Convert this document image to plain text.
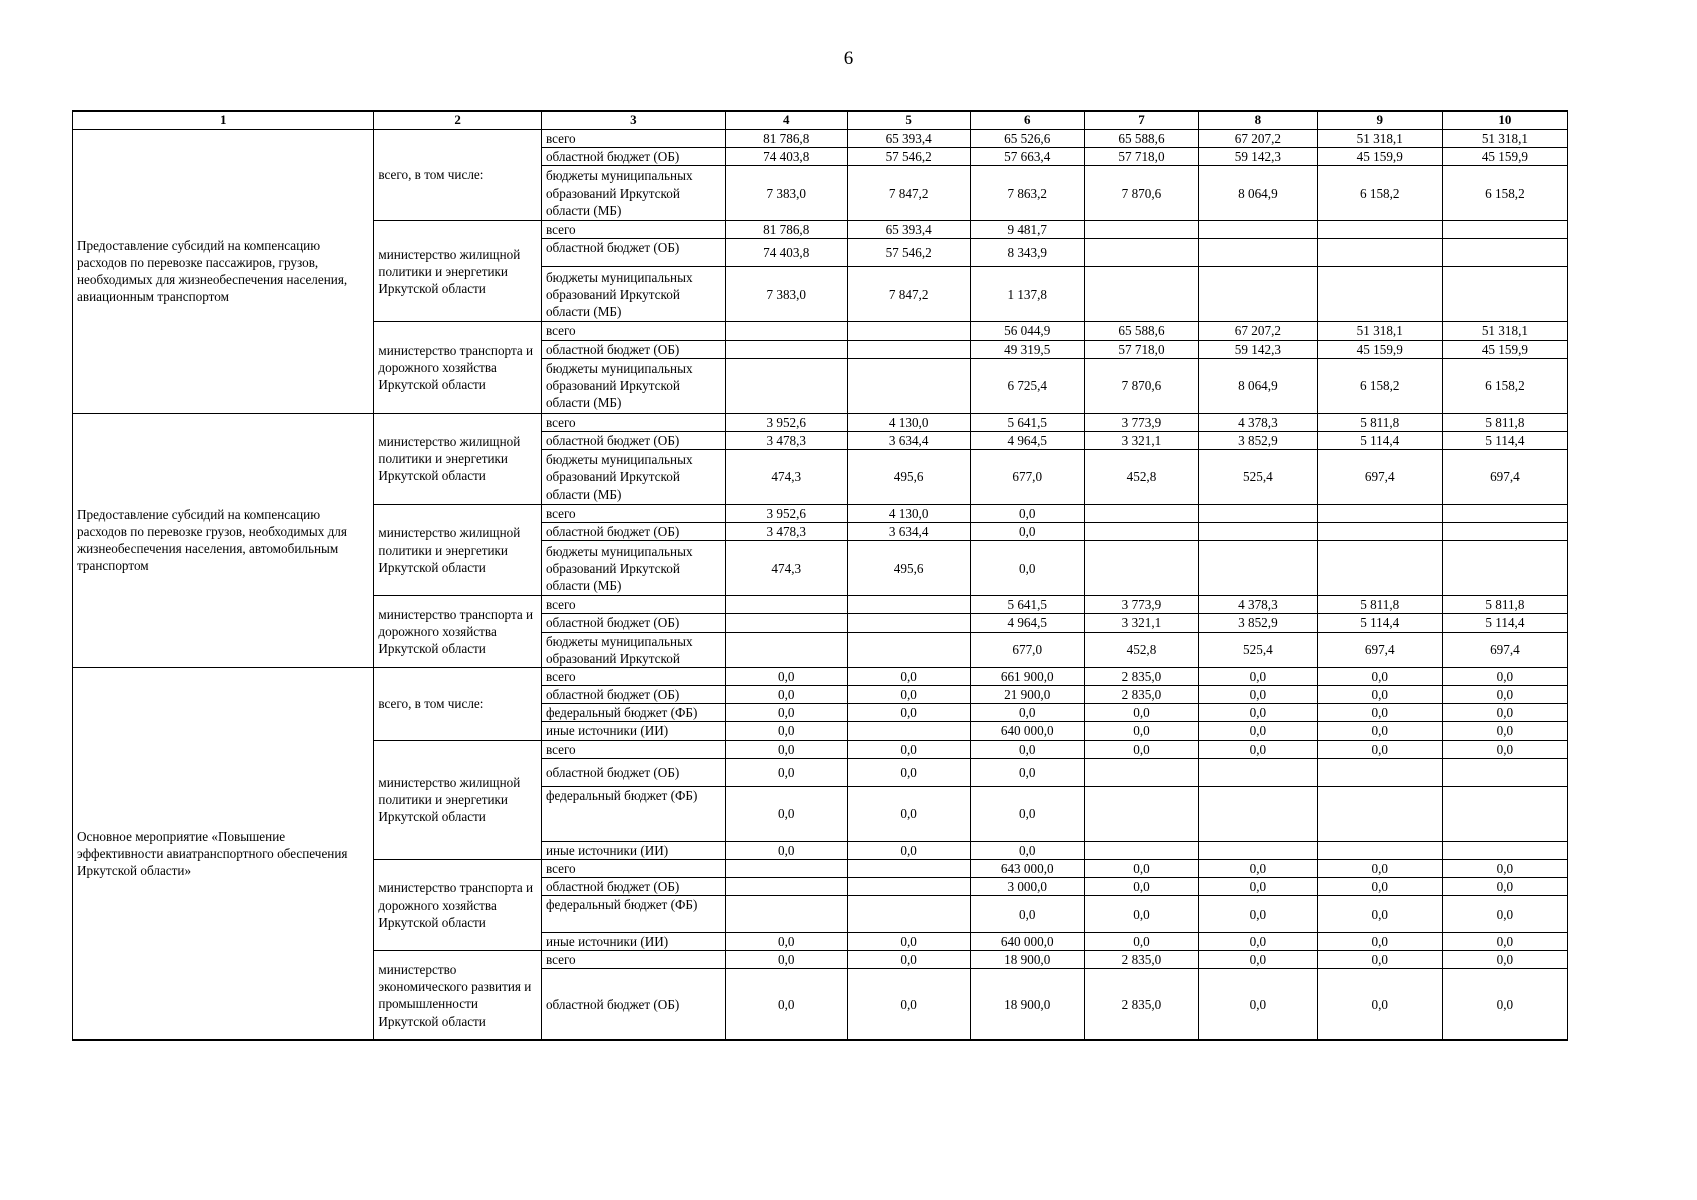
6
1	2	3	4	5	6	7	8	9	10
Предоставление субсидий на компенсацию расходов по перевозке пассажиров, грузов, необходимых для жизнеобеспечения населения, авиационным транспортом	всего, в том числе:	всего	81 786,8	65 393,4	65 526,6	65 588,6	67 207,2	51 318,1	51 318,1
		областной бюджет (ОБ)	74 403,8	57 546,2	57 663,4	57 718,0	59 142,3	45 159,9	45 159,9
		бюджеты муниципальных образований Иркутской области (МБ)	7 383,0	7 847,2	7 863,2	7 870,6	8 064,9	6 158,2	6 158,2
	министерство жилищной политики и энергетики Иркутской области	всего	81 786,8	65 393,4	9 481,7				
		областной бюджет (ОБ)	74 403,8	57 546,2	8 343,9				
		бюджеты муниципальных образований Иркутской области (МБ)	7 383,0	7 847,2	1 137,8				
	министерство транспорта и дорожного хозяйства Иркутской области	всего			56 044,9	65 588,6	67 207,2	51 318,1	51 318,1
		областной бюджет (ОБ)			49 319,5	57 718,0	59 142,3	45 159,9	45 159,9
		бюджеты муниципальных образований Иркутской области (МБ)			6 725,4	7 870,6	8 064,9	6 158,2	6 158,2
Предоставление субсидий на компенсацию расходов по перевозке грузов, необходимых для жизнеобеспечения населения, автомобильным транспортом	министерство жилищной политики и энергетики Иркутской области	всего	3 952,6	4 130,0	5 641,5	3 773,9	4 378,3	5 811,8	5 811,8
		областной бюджет (ОБ)	3 478,3	3 634,4	4 964,5	3 321,1	3 852,9	5 114,4	5 114,4
		бюджеты муниципальных образований Иркутской области (МБ)	474,3	495,6	677,0	452,8	525,4	697,4	697,4
	министерство жилищной политики и энергетики Иркутской области	всего	3 952,6	4 130,0	0,0				
		областной бюджет (ОБ)	3 478,3	3 634,4	0,0				
		бюджеты муниципальных образований Иркутской области (МБ)	474,3	495,6	0,0				
	министерство транспорта и дорожного хозяйства Иркутской области	всего			5 641,5	3 773,9	4 378,3	5 811,8	5 811,8
		областной бюджет (ОБ)			4 964,5	3 321,1	3 852,9	5 114,4	5 114,4
		бюджеты муниципальных образований Иркутской			677,0	452,8	525,4	697,4	697,4
Основное мероприятие «Повышение эффективности авиатранспортного обеспечения Иркутской области»	всего, в том числе:	всего	0,0	0,0	661 900,0	2 835,0	0,0	0,0	0,0
		областной бюджет (ОБ)	0,0	0,0	21 900,0	2 835,0	0,0	0,0	0,0
		федеральный бюджет (ФБ)	0,0	0,0	0,0	0,0	0,0	0,0	0,0
		иные источники (ИИ)	0,0		640 000,0	0,0	0,0	0,0	0,0
	министерство жилищной политики и энергетики Иркутской области	всего	0,0	0,0	0,0	0,0	0,0	0,0	0,0
		областной бюджет (ОБ)	0,0	0,0	0,0				
		федеральный бюджет (ФБ)	0,0	0,0	0,0				
		иные источники (ИИ)	0,0	0,0	0,0				
	министерство транспорта и дорожного хозяйства Иркутской области	всего			643 000,0	0,0	0,0	0,0	0,0
		областной бюджет (ОБ)			3 000,0	0,0	0,0	0,0	0,0
		федеральный бюджет (ФБ)			0,0	0,0	0,0	0,0	0,0
		иные источники (ИИ)	0,0	0,0	640 000,0	0,0	0,0	0,0	0,0
	министерство экономического развития и промышленности Иркутской области	всего	0,0	0,0	18 900,0	2 835,0	0,0	0,0	0,0
		областной бюджет (ОБ)	0,0	0,0	18 900,0	2 835,0	0,0	0,0	0,0
